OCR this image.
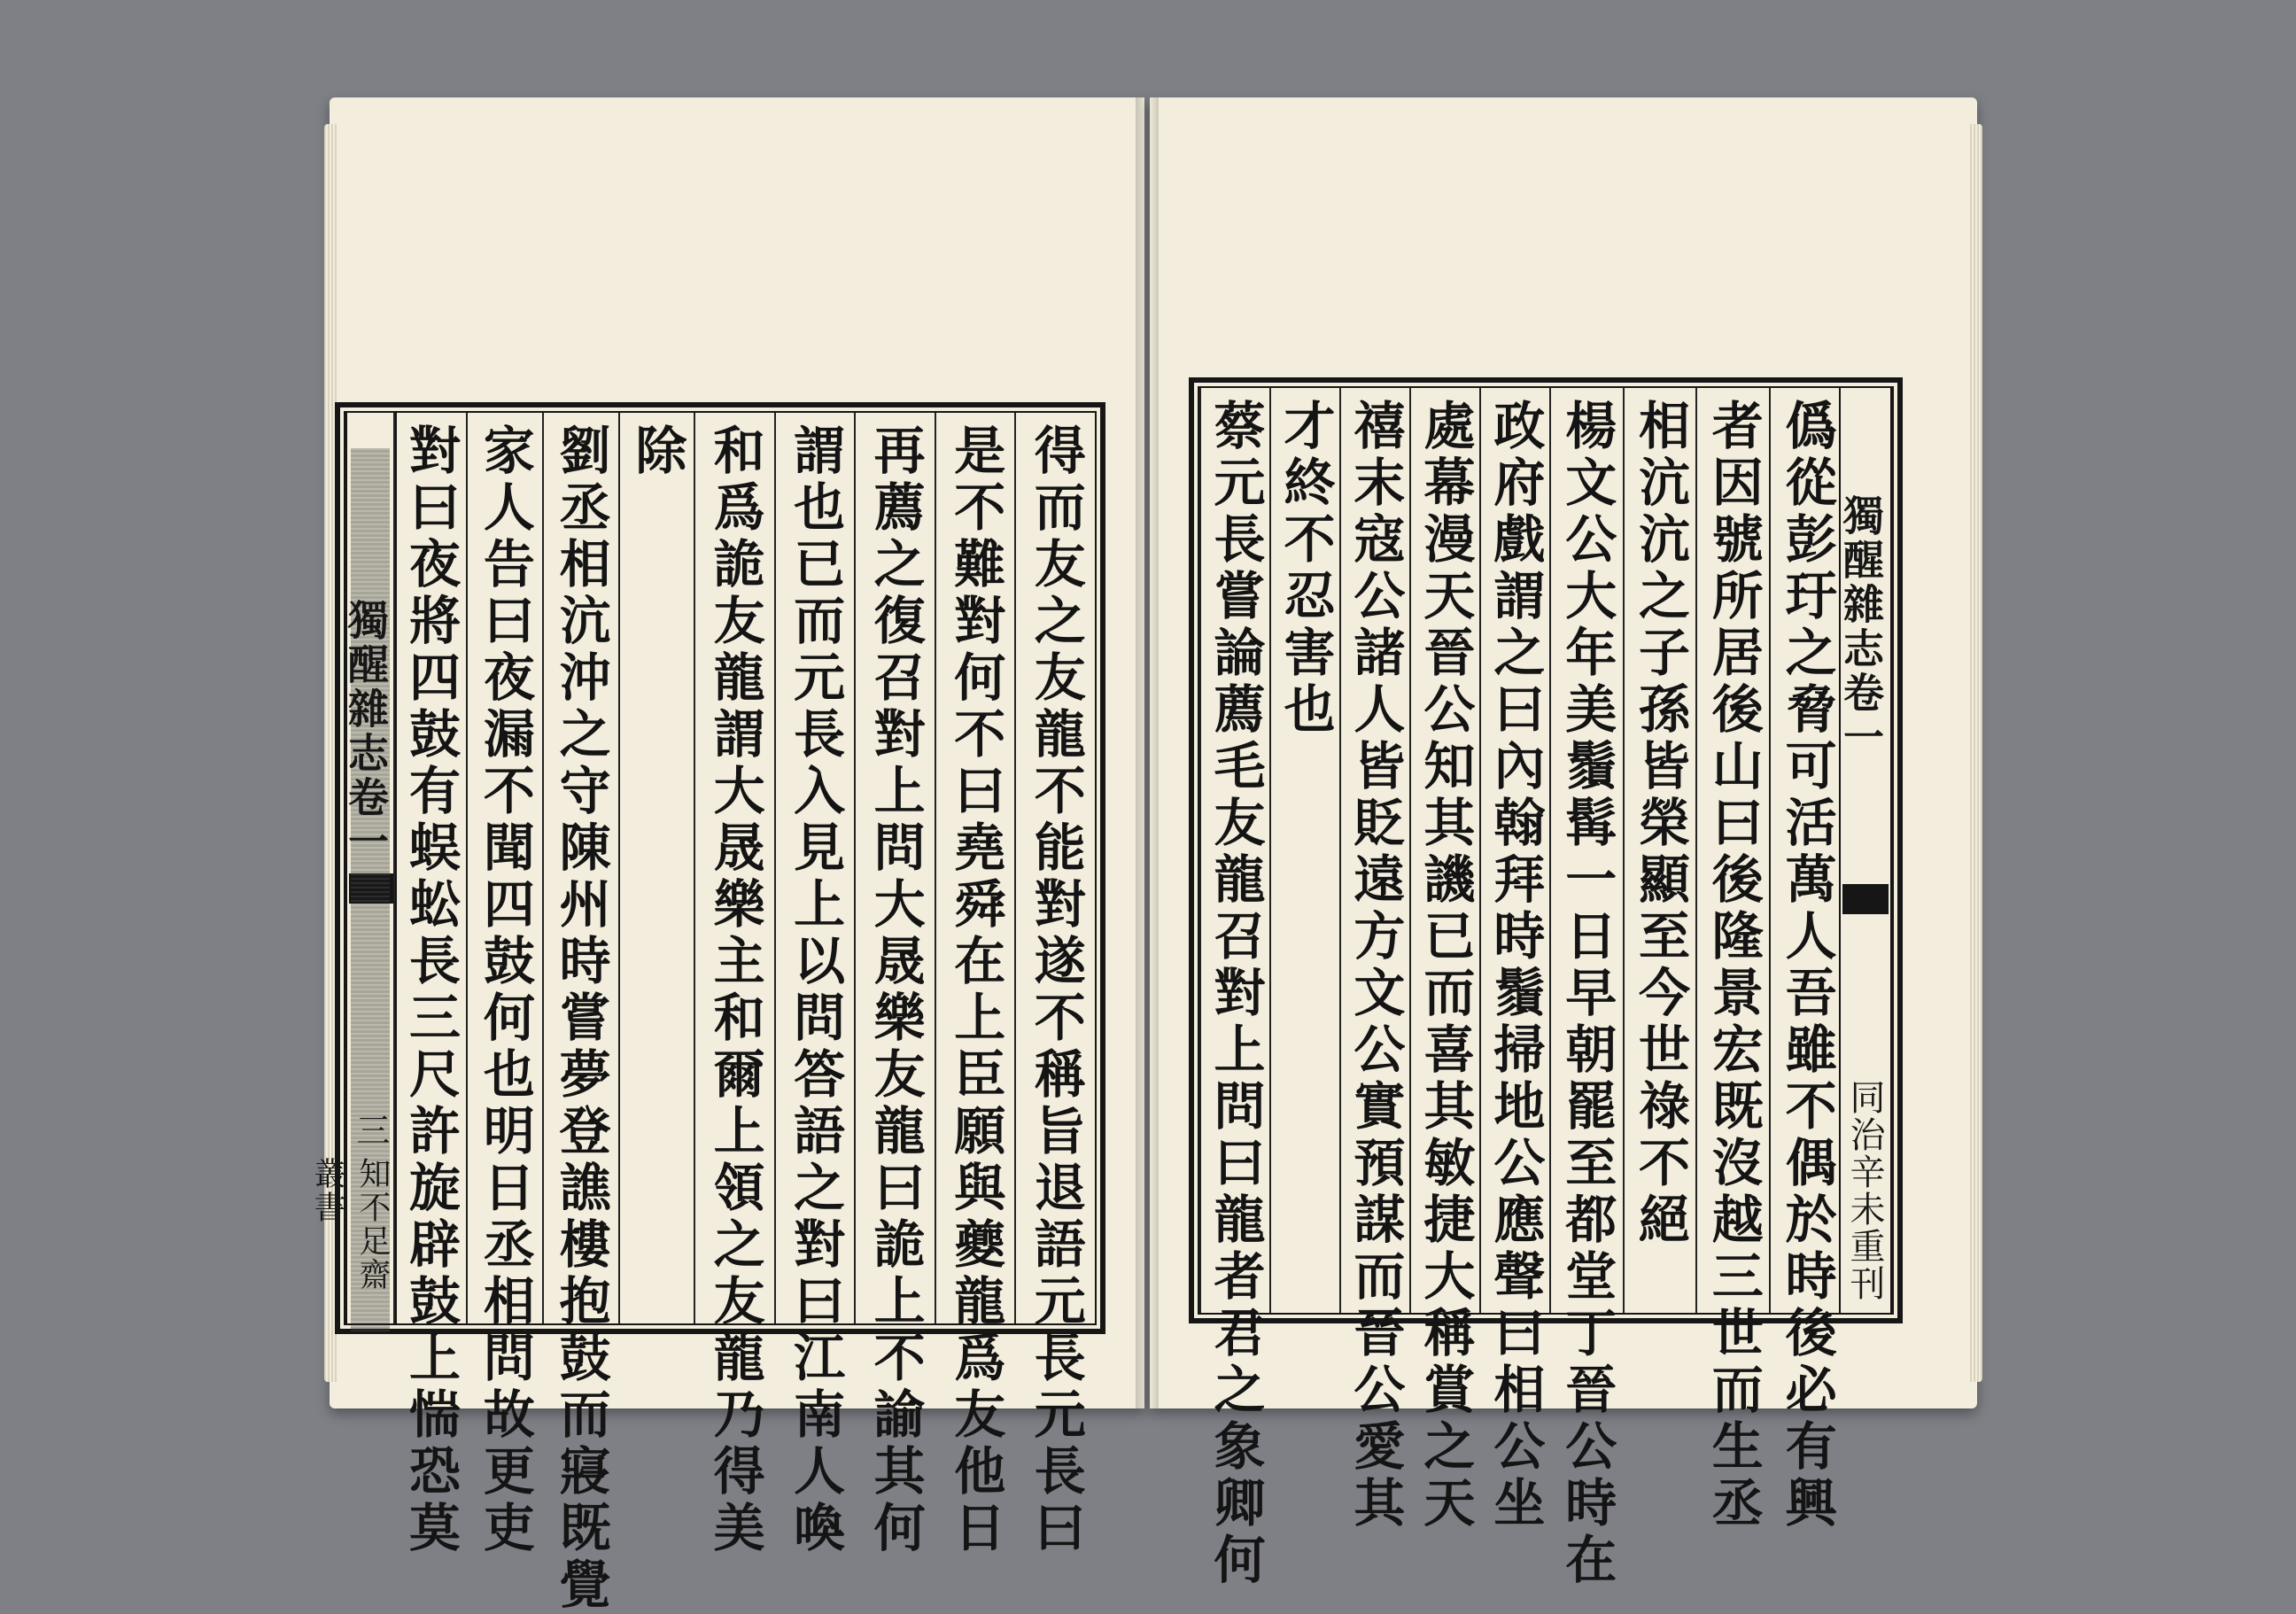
獨醒雜志卷一
三
知不足齋叢書	得而友之友龍不能對遂不稱旨退語元長元長曰
是不難對何不曰堯舜在上臣願與夔龍爲友他日
再薦之復召對上問大晟樂友龍曰詭上不諭其何
謂也已而元長入見上以問答語之對曰江南人喚
和爲詭友龍謂大晟樂主和爾上領之友龍乃得美
除
劉丞相沆沖之守陳州時嘗夢登譙樓抱鼓而寢既覺
家人告曰夜漏不聞四鼓何也明日丞相問故更吏
對曰夜將四鼓有蜈蚣長三尺許旋辟鼓上惴恐莫	獨醒雜志卷一
同治辛未重刊
僞從彭玗之脅可活萬人吾雖不偶於時後必有興
者因號所居後山曰後隆景宏既沒越三世而生丞
相沆沆之子孫皆榮顯至今世祿不絕
楊文公大年美鬚髯一日早朝罷至都堂丁晉公時在
政府戲謂之曰內翰拜時鬚掃地公應聲曰相公坐
處幕漫天晉公知其譏已而喜其敏捷大稱賞之天
禧末寇公諸人皆貶遠方文公實預謀而晉公愛其
才終不忍害也
蔡元長嘗論薦毛友龍召對上問曰龍者君之象卿何
